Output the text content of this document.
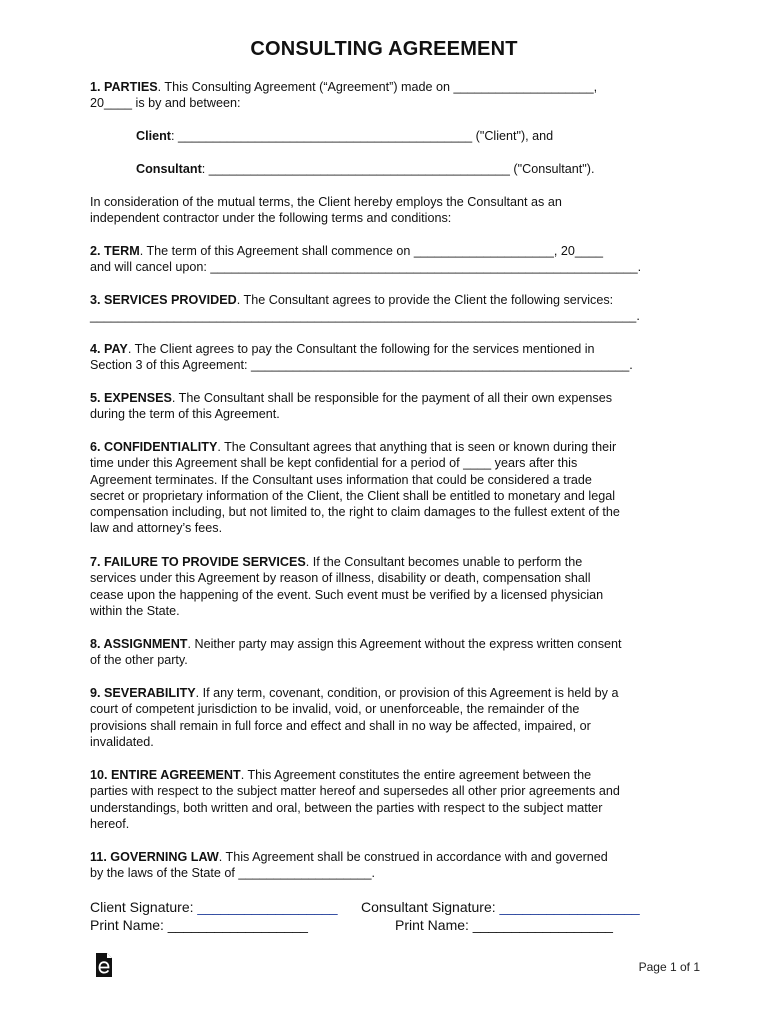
CONSULTING AGREEMENT
1. PARTIES. This Consulting Agreement (“Agreement”) made on ____________________,
20____ is by and between:
Client: __________________________________________ ("Client"), and
Consultant: ___________________________________________ ("Consultant").
In consideration of the mutual terms, the Client hereby employs the Consultant as an
independent contractor under the following terms and conditions:
2. TERM. The term of this Agreement shall commence on ____________________, 20____
and will cancel upon: _____________________________________________________________.
3. SERVICES PROVIDED. The Consultant agrees to provide the Client the following services:
______________________________________________________________________________.
4. PAY. The Client agrees to pay the Consultant the following for the services mentioned in
Section 3 of this Agreement: ______________________________________________________.
5. EXPENSES. The Consultant shall be responsible for the payment of all their own expenses
during the term of this Agreement.
6. CONFIDENTIALITY. The Consultant agrees that anything that is seen or known during their
time under this Agreement shall be kept confidential for a period of ____ years after this
Agreement terminates. If the Consultant uses information that could be considered a trade
secret or proprietary information of the Client, the Client shall be entitled to monetary and legal
compensation including, but not limited to, the right to claim damages to the fullest extent of the
law and attorney’s fees.
7. FAILURE TO PROVIDE SERVICES. If the Consultant becomes unable to perform the
services under this Agreement by reason of illness, disability or death, compensation shall
cease upon the happening of the event. Such event must be verified by a licensed physician
within the State.
8. ASSIGNMENT. Neither party may assign this Agreement without the express written consent
of the other party.
9. SEVERABILITY. If any term, covenant, condition, or provision of this Agreement is held by a
court of competent jurisdiction to be invalid, void, or unenforceable, the remainder of the
provisions shall remain in full force and effect and shall in no way be affected, impaired, or
invalidated.
10. ENTIRE AGREEMENT. This Agreement constitutes the entire agreement between the
parties with respect to the subject matter hereof and supersedes all other prior agreements and
understandings, both written and oral, between the parties with respect to the subject matter
hereof.
11. GOVERNING LAW. This Agreement shall be construed in accordance with and governed
by the laws of the State of ___________________.
Client Signature: __________________ Consultant Signature: __________________
Print Name: __________________	Print Name: __________________
Page 1 of 1
